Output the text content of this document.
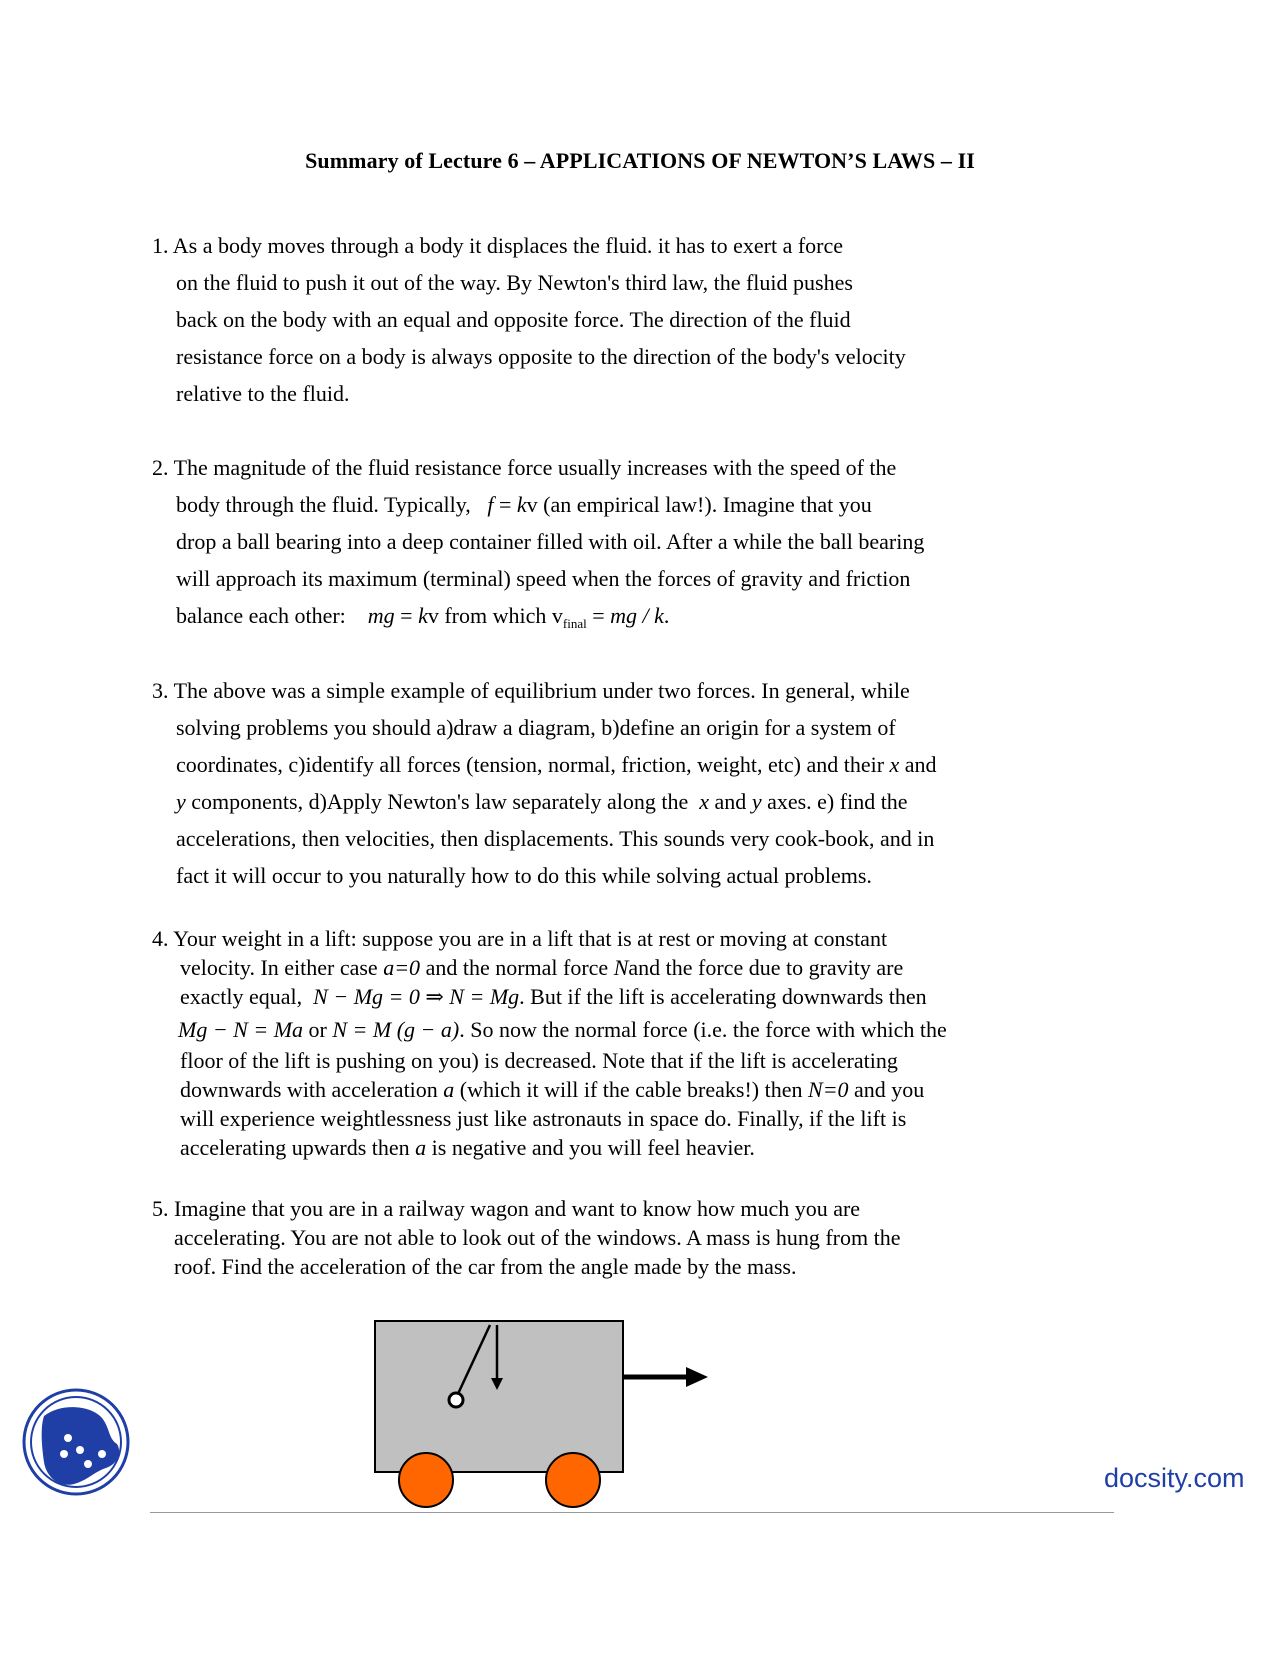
Summary of Lecture 6 – APPLICATIONS OF NEWTON’S LAWS – II
1. As a body moves through a body it displaces the fluid. it has to exert a force
on the fluid to push it out of the way. By Newton's third law, the fluid pushes
back on the body with an equal and opposite force. The direction of the fluid
resistance force on a body is always opposite to the direction of the body's velocity
relative to the fluid.
2. The magnitude of the fluid resistance force usually increases with the speed of the
body through the fluid. Typically, f = kv (an empirical law!). Imagine that you
drop a ball bearing into a deep container filled with oil. After a while the ball bearing
will approach its maximum (terminal) speed when the forces of gravity and friction
balance each other: mg = kv from which $v_{final}$ = mg / k.
3. The above was a simple example of equilibrium under two forces. In general, while
solving problems you should a)draw a diagram, b)define an origin for a system of
coordinates, c)identify all forces (tension, normal, friction, weight, etc) and their x and
y components, d)Apply Newton's law separately along the x and y axes. e) find the
accelerations, then velocities, then displacements. This sounds very cook-book, and in
fact it will occur to you naturally how to do this while solving actual problems.
4. Your weight in a lift: suppose you are in a lift that is at rest or moving at constant
velocity. In either case a=0 and the normal force Nand the force due to gravity are
exactly equal, N − Mg = 0 ⇒ N = Mg. But if the lift is accelerating downwards then
Mg − N = Ma or N = M (g − a). So now the normal force (i.e. the force with which the
floor of the lift is pushing on you) is decreased. Note that if the lift is accelerating
downwards with acceleration a (which it will if the cable breaks!) then N=0 and you
will experience weightlessness just like astronauts in space do. Finally, if the lift is
accelerating upwards then a is negative and you will feel heavier.
5. Imagine that you are in a railway wagon and want to know how much you are
accelerating. You are not able to look out of the windows. A mass is hung from the
roof. Find the acceleration of the car from the angle made by the mass.
docsity.com
